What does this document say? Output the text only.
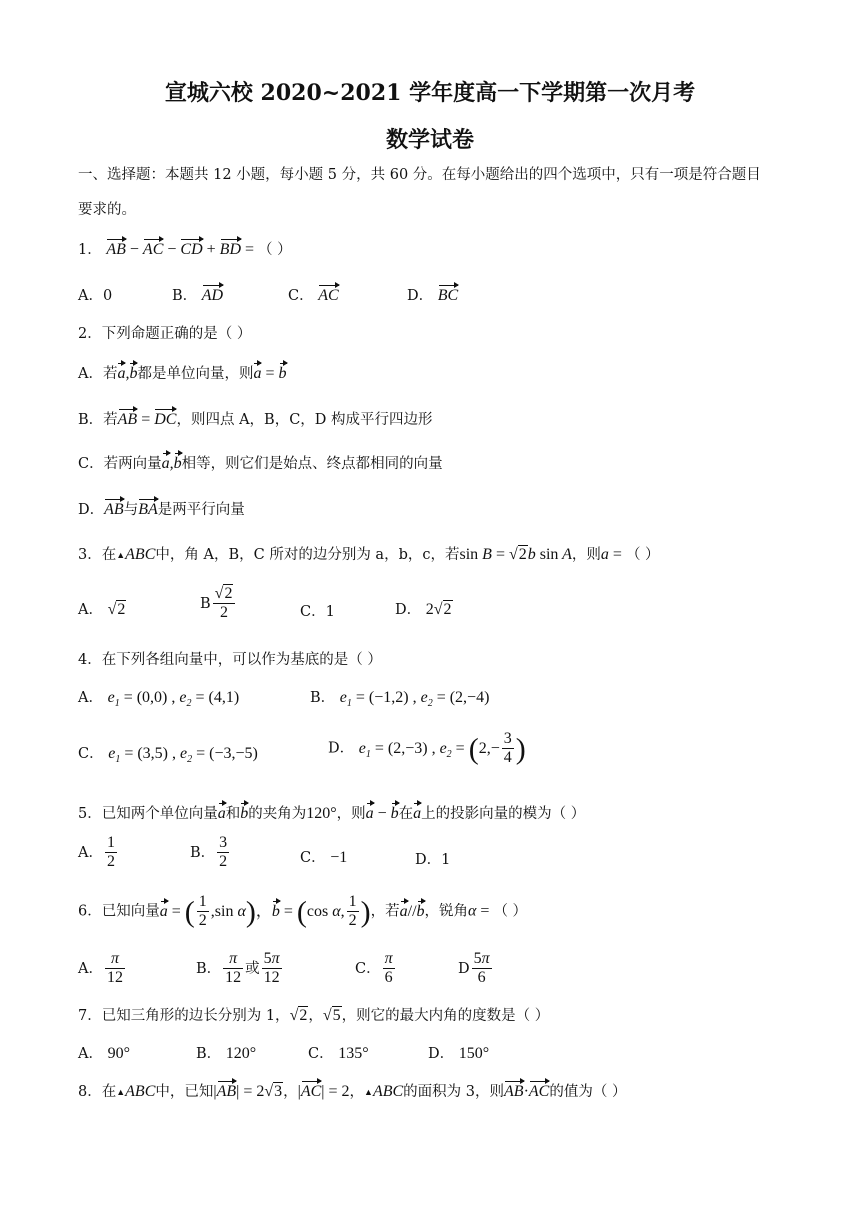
宣城六校 2020~2021 学年度高一下学期第一次月考
数学试卷
一、选择题：本题共 12 小题，每小题 5 分，共 60 分。在每小题给出的四个选项中，只有一项是符合题目
要求的。
1． AB − AC − CD + BD = （ ）
A．0	B． AD	C． AC	D． BC
2．下列命题正确的是（ ）
A．若a,b都是单位向量，则a = b
B．若AB = DC，则四点 A，B，C，D 构成平行四边形
C．若两向量a,b相等，则它们是始点、终点都相同的向量
D．AB与BA是两平行向量
3．在▲ABC中，角 A，B，C 所对的边分别为 a，b，c，若sin B = √2b sin A，则a = （ ）
A． √2	B $\frac{√2}{2}$	C．1	D． 2√2
4．在下列各组向量中，可以作为基底的是（ ）
A． $e_1 = (0,0)$ , $e_2 = (4,1)$	B． $e_1 = (-1,2)$ , $e_2 = (2,-4)$
C． $e_1 = (3,5)$ , $e_2 = (-3,-5)$	D． $e_1 = (2,-3)$ , $e_2 = (2,- \frac{3}{4}$ )
5．已知两个单位向量a和b的夹角为120°，则a − b在a上的投影向量的模为（ ）
A． $\frac{1}{2}$	B． $\frac{3}{2}$	C． −1	D．1
6．已知向量a = ( $\frac{1}{2} ,\sin$ α)，b = (cos α, $\frac{1}{2}$ )，若a//b，锐角α = （ ）
A． $\frac{\pi}{12}$	B． $\frac{\pi}{12}$ 或 $\frac{5\pi}{12}$	C． $\frac{\pi}{6}$	D $\frac{5\pi}{6}$
7．已知三角形的边长分别为 1，√2，√5，则它的最大内角的度数是（ ）
A． 90°	B． 120°	C． 135°	D． 150°
8．在▲ABC中，已知|AB| = 2√3，|AC| = 2，▲ABC的面积为 3，则AB·AC的值为（ ）
